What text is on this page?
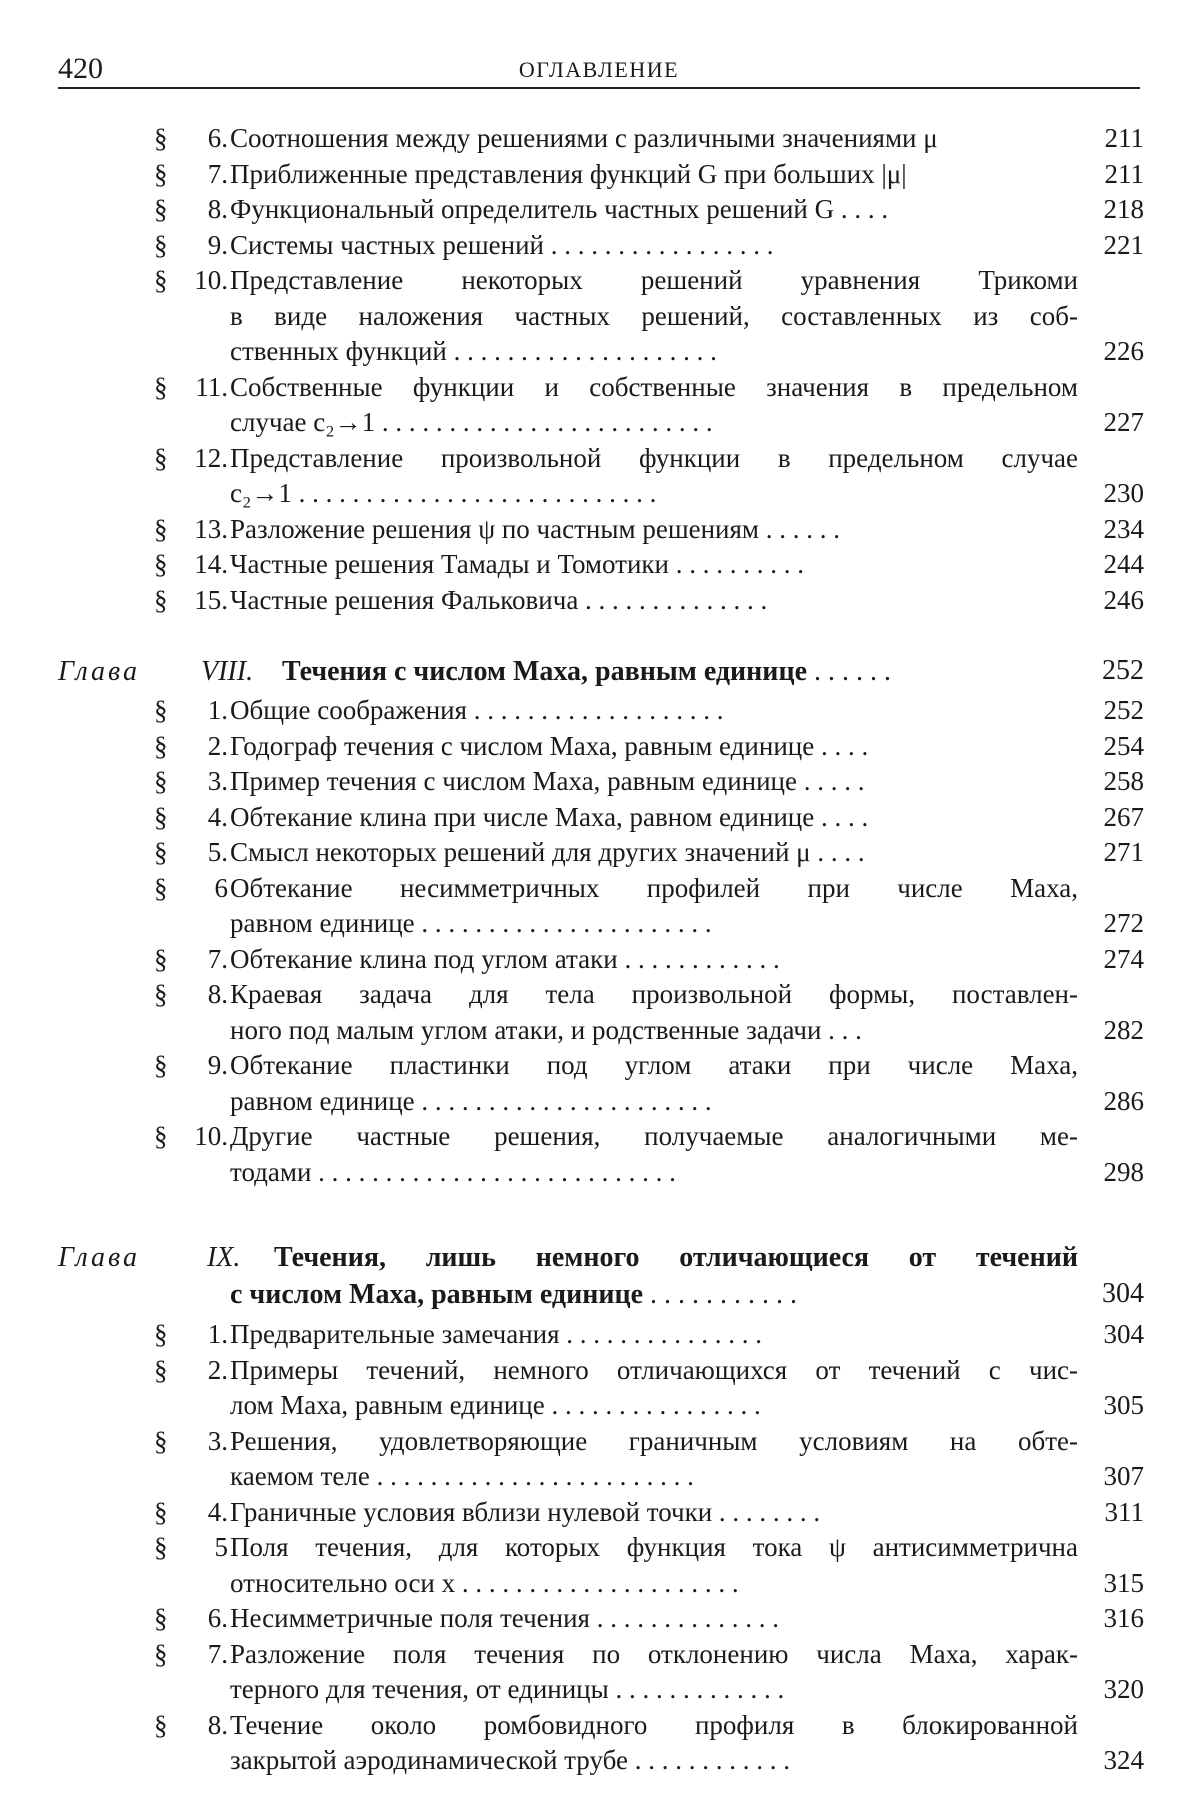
ОГЛАВЛЕНИЕ
420
§	6. Соотношения между решениями с различными значениями μ	211
§	7. Приближенные представления функций G при больших |μ|	211
§	8. Функциональный определитель частных решений G . . . .	218
§	9. Системы частных решений . . . . . . . . . . . . . . . . .	221
§ 10. Представление некоторых решений уравнения Трикоми
в виде наложения частных решений, составленных из соб-
ственных функций . . . . . . . . . . . . . . . . . . . .	226
§ 11. Собственные функции и собственные значения в предельном
случае c₂→1 . . . . . . . . . . . . . . . . . . . . . . . . .	227
§ 12. Представление произвольной функции в предельном случае
c₂→1 . . . . . . . . . . . . . . . . . . . . . . . . . . .	230
§ 13. Разложение решения ψ по частным решениям . . . . . .	234
§ 14. Частные решения Тамады и Томотики . . . . . . . . . .	244
§ 15. Частные решения Фальковича . . . . . . . . . . . . . .	246
Глава VIII. Течения с числом Маха, равным единице . . . . . .	252
§	1. Общие соображения . . . . . . . . . . . . . . . . . . .	252
§	2. Годограф течения с числом Маха, равным единице . . . .	254
§	3. Пример течения с числом Маха, равным единице . . . . .	258
§	4. Обтекание клина при числе Маха, равном единице . . . .	267
§	5. Смысл некоторых решений для других значений μ . . . .	271
§	6 Обтекание несимметричных профилей при числе Маха,
равном единице . . . . . . . . . . . . . . . . . . . . . .	272
§	7. Обтекание клина под углом атаки . . . . . . . . . . . .	274
§	8. Краевая задача для тела произвольной формы, поставлен-
ного под малым углом атаки, и родственные задачи . . .	282
§	9. Обтекание пластинки под углом атаки при числе Маха,
равном единице . . . . . . . . . . . . . . . . . . . . . .	286
§ 10. Другие частные решения, получаемые аналогичными ме-
тодами . . . . . . . . . . . . . . . . . . . . . . . . . . .	298
Глава IX. Течения, лишь немного отличающиеся от течений
с числом Маха, равным единице . . . . . . . . . . .	304
§	1. Предварительные замечания . . . . . . . . . . . . . . .	304
§	2. Примеры течений, немного отличающихся от течений с чис-
лом Маха, равным единице . . . . . . . . . . . . . . . .	305
§	3. Решения, удовлетворяющие граничным условиям на обте-
каемом теле . . . . . . . . . . . . . . . . . . . . . . . .	307
§	4. Граничные условия вблизи нулевой точки . . . . . . . .	311
§	5 Поля течения, для которых функция тока ψ антисимметрична
относительно оси x . . . . . . . . . . . . . . . . . . . . .	315
§	6. Несимметричные поля течения . . . . . . . . . . . . . .	316
§	7. Разложение поля течения по отклонению числа Маха, харак-
терного для течения, от единицы . . . . . . . . . . . . .	320
§	8. Течение около ромбовидного профиля в блокированной
закрытой аэродинамической трубе . . . . . . . . . . . .	324
